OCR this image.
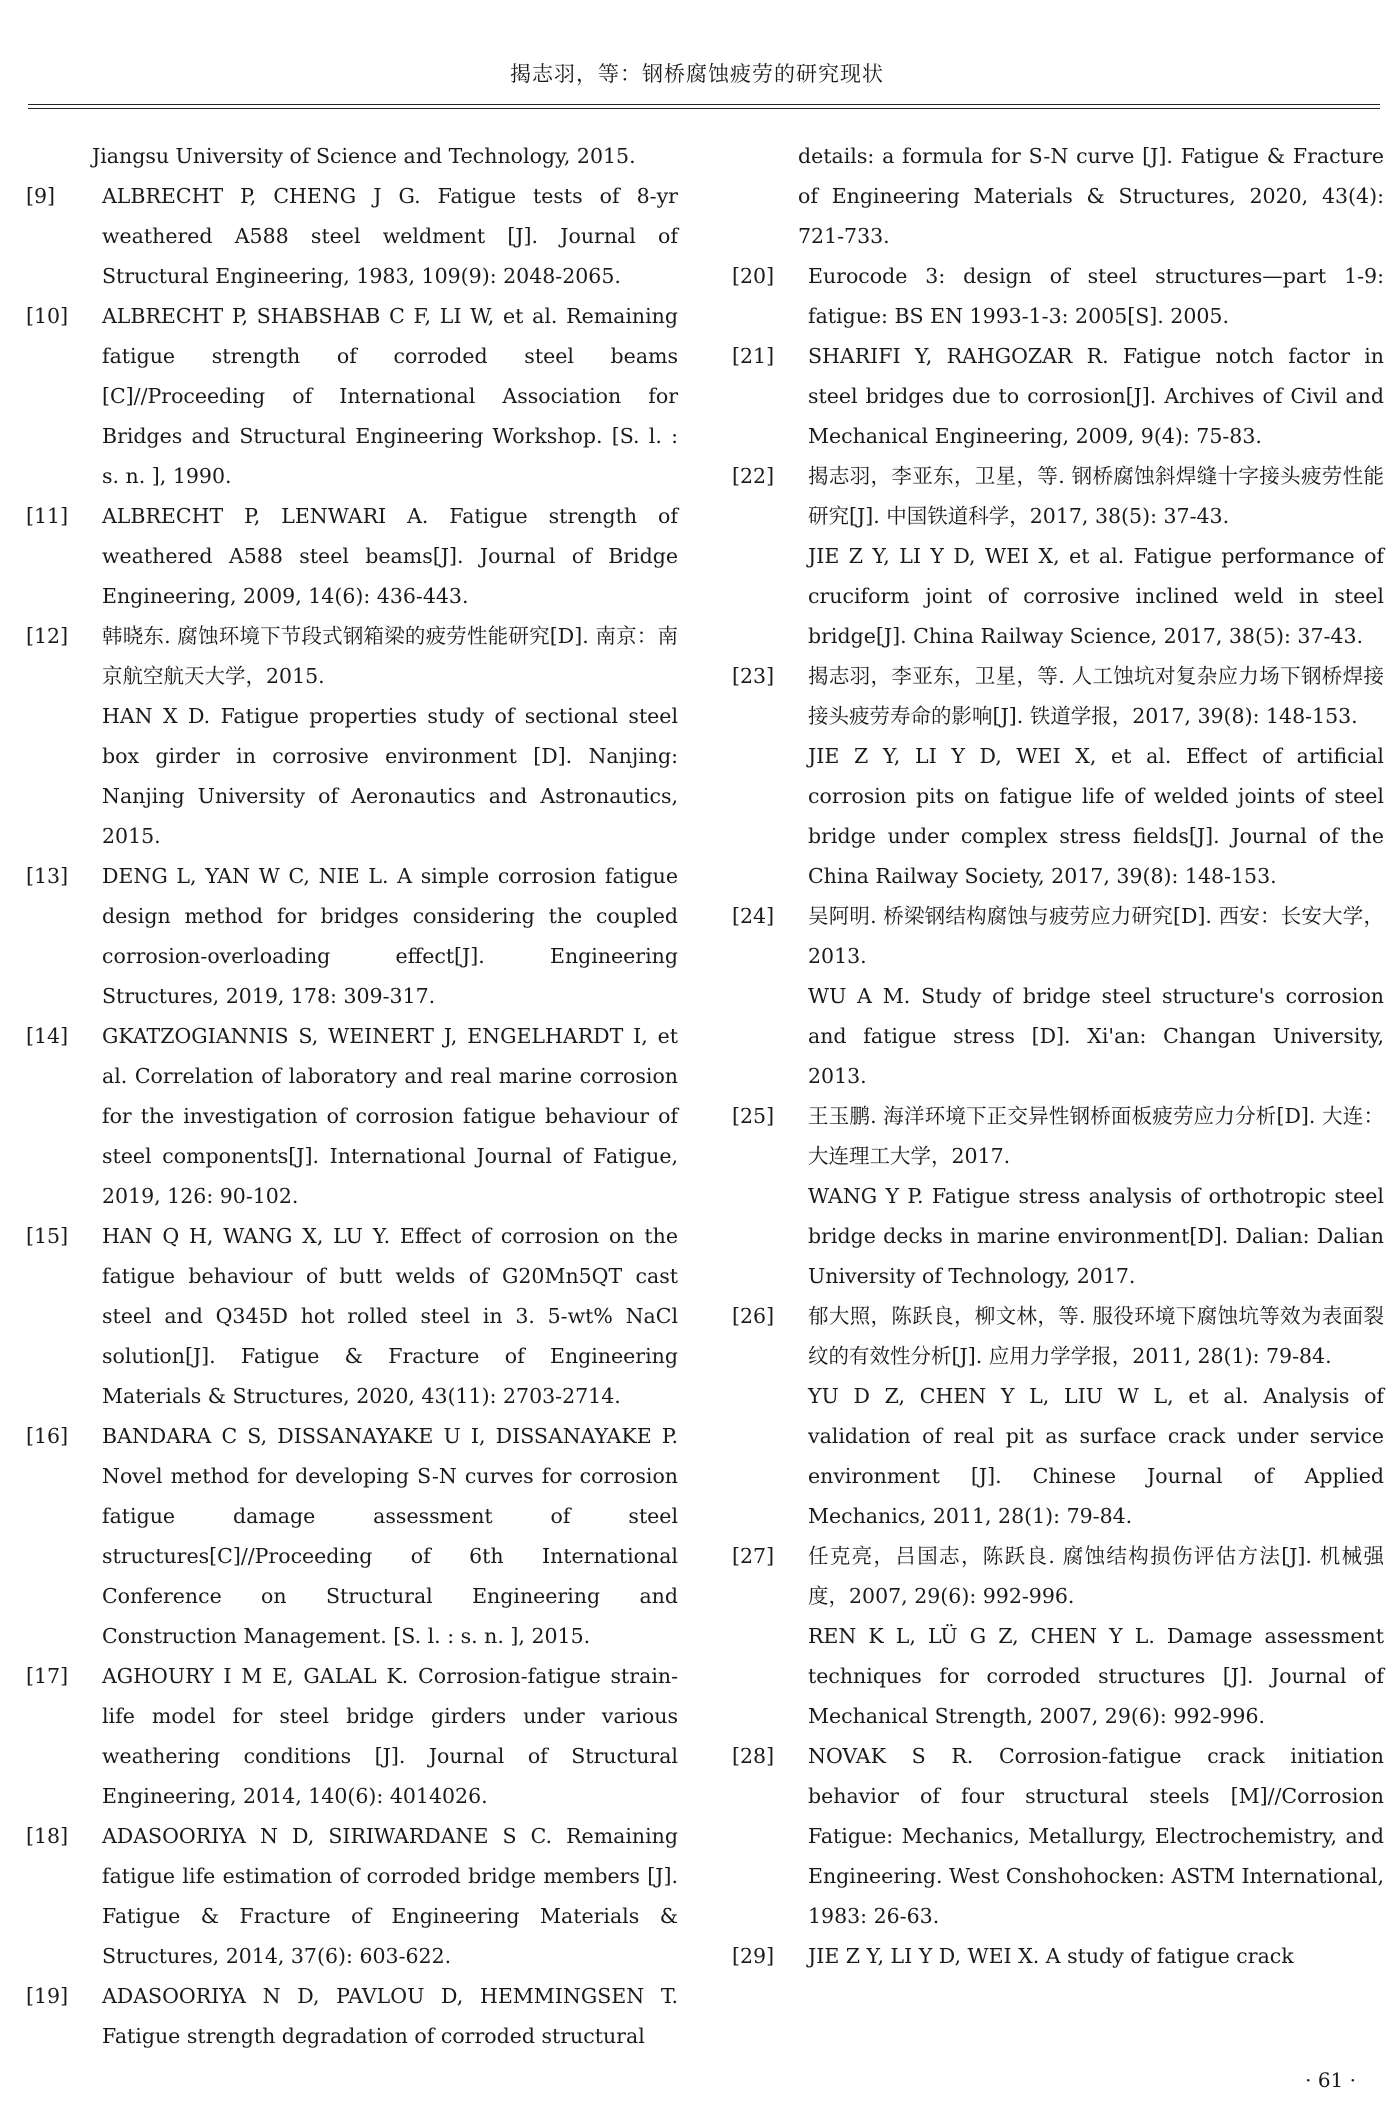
揭志羽，等：钢桥腐蚀疲劳的研究现状

Jiangsu University of Science and Technology, 2015.

[9] ALBRECHT P, CHENG J G. Fatigue tests of 8-yr weathered A588 steel weldment [J]. Journal of Structural Engineering, 1983, 109(9): 2048-2065.

[10] ALBRECHT P, SHABSHAB C F, LI W, et al. Remaining fatigue strength of corroded steel beams [C]//Proceeding of International Association for Bridges and Structural Engineering Workshop. [S. l. : s. n. ], 1990.

[11] ALBRECHT P, LENWARI A. Fatigue strength of weathered A588 steel beams[J]. Journal of Bridge Engineering, 2009, 14(6): 436-443.

[12] 韩晓东. 腐蚀环境下节段式钢箱梁的疲劳性能研究[D]. 南京：南京航空航天大学，2015.

HAN X D. Fatigue properties study of sectional steel box girder in corrosive environment [D]. Nanjing: Nanjing University of Aeronautics and Astronautics, 2015.

[13] DENG L, YAN W C, NIE L. A simple corrosion fatigue design method for bridges considering the coupled corrosion-overloading effect[J]. Engineering Structures, 2019, 178: 309-317.

[14] GKATZOGIANNIS S, WEINERT J, ENGELHARDT I, et al. Correlation of laboratory and real marine corrosion for the investigation of corrosion fatigue behaviour of steel components[J]. International Journal of Fatigue, 2019, 126: 90-102.

[15] HAN Q H, WANG X, LU Y. Effect of corrosion on the fatigue behaviour of butt welds of G20Mn5QT cast steel and Q345D hot rolled steel in 3. 5-wt% NaCl solution[J]. Fatigue & Fracture of Engineering Materials & Structures, 2020, 43(11): 2703-2714.

[16] BANDARA C S, DISSANAYAKE U I, DISSANAYAKE P. Novel method for developing S-N curves for corrosion fatigue damage assessment of steel structures[C]//Proceeding of 6th International Conference on Structural Engineering and Construction Management. [S. l. : s. n. ], 2015.

[17] AGHOURY I M E, GALAL K. Corrosion-fatigue strain-life model for steel bridge girders under various weathering conditions [J]. Journal of Structural Engineering, 2014, 140(6): 4014026.

[18] ADASOORIYA N D, SIRIWARDANE S C. Remaining fatigue life estimation of corroded bridge members [J]. Fatigue & Fracture of Engineering Materials & Structures, 2014, 37(6): 603-622.

[19] ADASOORIYA N D, PAVLOU D, HEMMINGSEN T. Fatigue strength degradation of corroded structural

details: a formula for S-N curve [J]. Fatigue & Fracture of Engineering Materials & Structures, 2020, 43(4): 721-733.

[20] Eurocode 3: design of steel structures—part 1-9: fatigue: BS EN 1993-1-3: 2005[S]. 2005.

[21] SHARIFI Y, RAHGOZAR R. Fatigue notch factor in steel bridges due to corrosion[J]. Archives of Civil and Mechanical Engineering, 2009, 9(4): 75-83.

[22] 揭志羽，李亚东，卫星，等. 钢桥腐蚀斜焊缝十字接头疲劳性能研究[J]. 中国铁道科学，2017, 38(5): 37-43.

JIE Z Y, LI Y D, WEI X, et al. Fatigue performance of cruciform joint of corrosive inclined weld in steel bridge[J]. China Railway Science, 2017, 38(5): 37-43.

[23] 揭志羽，李亚东，卫星，等. 人工蚀坑对复杂应力场下钢桥焊接接头疲劳寿命的影响[J]. 铁道学报，2017, 39(8): 148-153.

JIE Z Y, LI Y D, WEI X, et al. Effect of artificial corrosion pits on fatigue life of welded joints of steel bridge under complex stress fields[J]. Journal of the China Railway Society, 2017, 39(8): 148-153.

[24] 吴阿明. 桥梁钢结构腐蚀与疲劳应力研究[D]. 西安：长安大学，2013.

WU A M. Study of bridge steel structure's corrosion and fatigue stress [D]. Xi'an: Changan University, 2013.

[25] 王玉鹏. 海洋环境下正交异性钢桥面板疲劳应力分析[D]. 大连：大连理工大学，2017.

WANG Y P. Fatigue stress analysis of orthotropic steel bridge decks in marine environment[D]. Dalian: Dalian University of Technology, 2017.

[26] 郁大照，陈跃良，柳文林，等. 服役环境下腐蚀坑等效为表面裂纹的有效性分析[J]. 应用力学学报，2011, 28(1): 79-84.

YU D Z, CHEN Y L, LIU W L, et al. Analysis of validation of real pit as surface crack under service environment [J]. Chinese Journal of Applied Mechanics, 2011, 28(1): 79-84.

[27] 任克亮，吕国志，陈跃良. 腐蚀结构损伤评估方法[J]. 机械强度，2007, 29(6): 992-996.

REN K L, LÜ G Z, CHEN Y L. Damage assessment techniques for corroded structures [J]. Journal of Mechanical Strength, 2007, 29(6): 992-996.

[28] NOVAK S R. Corrosion-fatigue crack initiation behavior of four structural steels [M]//Corrosion Fatigue: Mechanics, Metallurgy, Electrochemistry, and Engineering. West Conshohocken: ASTM International, 1983: 26-63.

[29] JIE Z Y, LI Y D, WEI X. A study of fatigue crack

· 61 ·
